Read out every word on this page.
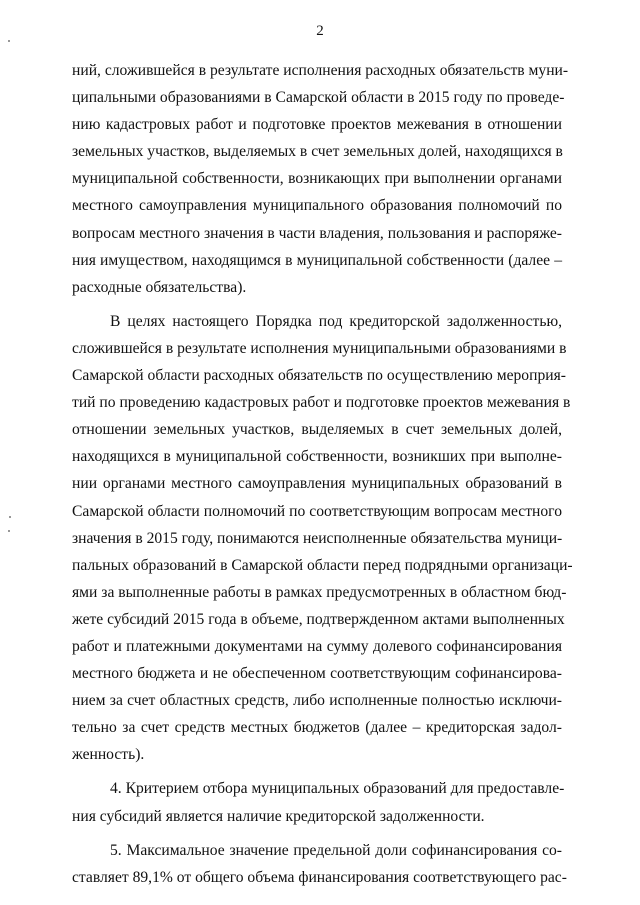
2
ний, сложившейся в результате исполнения расходных обязательств муни-
ципальными образованиями в Самарской области в 2015 году по проведе-
нию кадастровых работ и подготовке проектов межевания в отношении
земельных участков, выделяемых в счет земельных долей, находящихся в
муниципальной собственности, возникающих при выполнении органами
местного самоуправления муниципального образования полномочий по
вопросам местного значения в части владения, пользования и распоряже-
ния имуществом, находящимся в муниципальной собственности (далее –
расходные обязательства).
В целях настоящего Порядка под кредиторской задолженностью,
сложившейся в результате исполнения муниципальными образованиями в
Самарской области расходных обязательств по осуществлению мероприя-
тий по проведению кадастровых работ и подготовке проектов межевания в
отношении земельных участков, выделяемых в счет земельных долей,
находящихся в муниципальной собственности, возникших при выполне-
нии органами местного самоуправления муниципальных образований в
Самарской области полномочий по соответствующим вопросам местного
значения в 2015 году, понимаются неисполненные обязательства муници-
пальных образований в Самарской области перед подрядными организаци-
ями за выполненные работы в рамках предусмотренных в областном бюд-
жете субсидий 2015 года в объеме, подтвержденном актами выполненных
работ и платежными документами на сумму долевого софинансирования
местного бюджета и не обеспеченном соответствующим софинансирова-
нием за счет областных средств, либо исполненные полностью исключи-
тельно за счет средств местных бюджетов (далее – кредиторская задол-
женность).
4. Критерием отбора муниципальных образований для предоставле-
ния субсидий является наличие кредиторской задолженности.
5. Максимальное значение предельной доли софинансирования со-
ставляет 89,1% от общего объема финансирования соответствующего рас-
